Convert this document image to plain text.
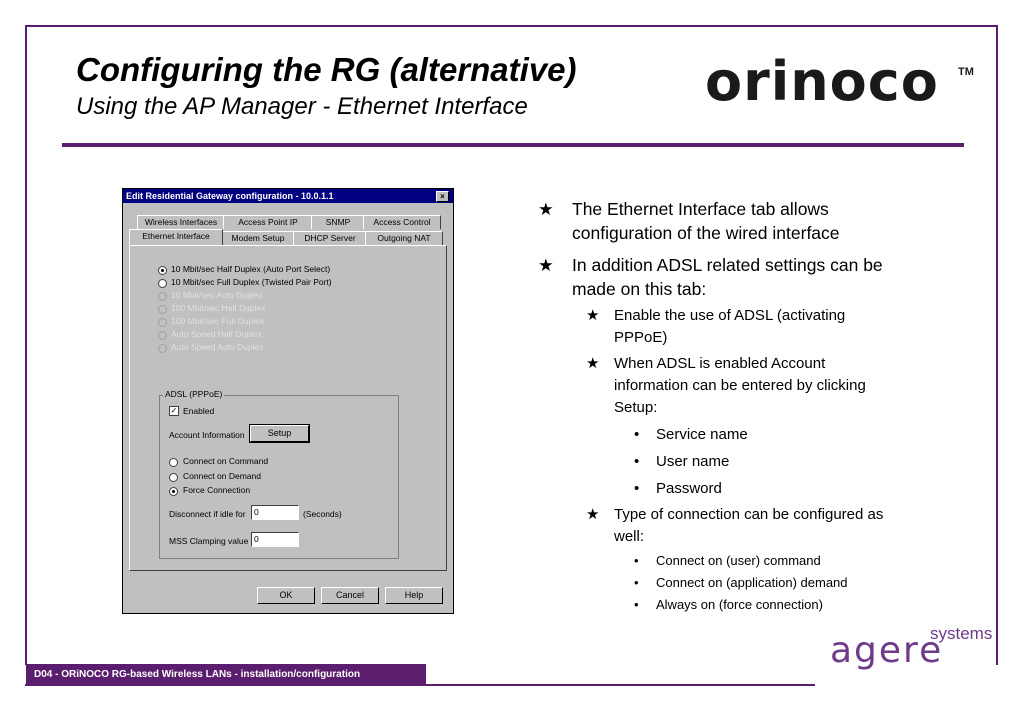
Configuring the RG (alternative)
Using the AP Manager - Ethernet Interface	orinoco TM
Edit Residential Gateway configuration - 10.0.1.1	×
Wireless Interfaces	Access Point IP	SNMP	Access Control
Ethernet Interface	Modem Setup	DHCP Server	Outgoing NAT
10 Mbit/sec Half Duplex (Auto Port Select)
10 Mbit/sec Full Duplex (Twisted Pair Port)
10 Mbit/sec Auto Duplex
100 Mbit/sec Half Duplex
100 Mbit/sec Full Duplex
Auto Speed Half Duplex
Auto Speed Auto Duplex
ADSL (PPPoE)
✓ Enabled
Account Information	Setup
Connect on Command
Connect on Demand
Force Connection
Disconnect if idle for 0	(Seconds)
MSS Clamping value 0
OK	Cancel	Help
★ The Ethernet Interface tab allows
configuration of the wired interface
★ In addition ADSL related settings can be
made on this tab:
★ Enable the use of ADSL (activating
PPPoE)
★ When ADSL is enabled Account
information can be entered by clicking
Setup:
• Service name
• User name
• Password
★ Type of connection can be configured as
well:
• Connect on (user) command
• Connect on (application) demand
• Always on (force connection)
D04 - ORiNOCO RG-based Wireless LANs - installation/configuration
agere
systems
